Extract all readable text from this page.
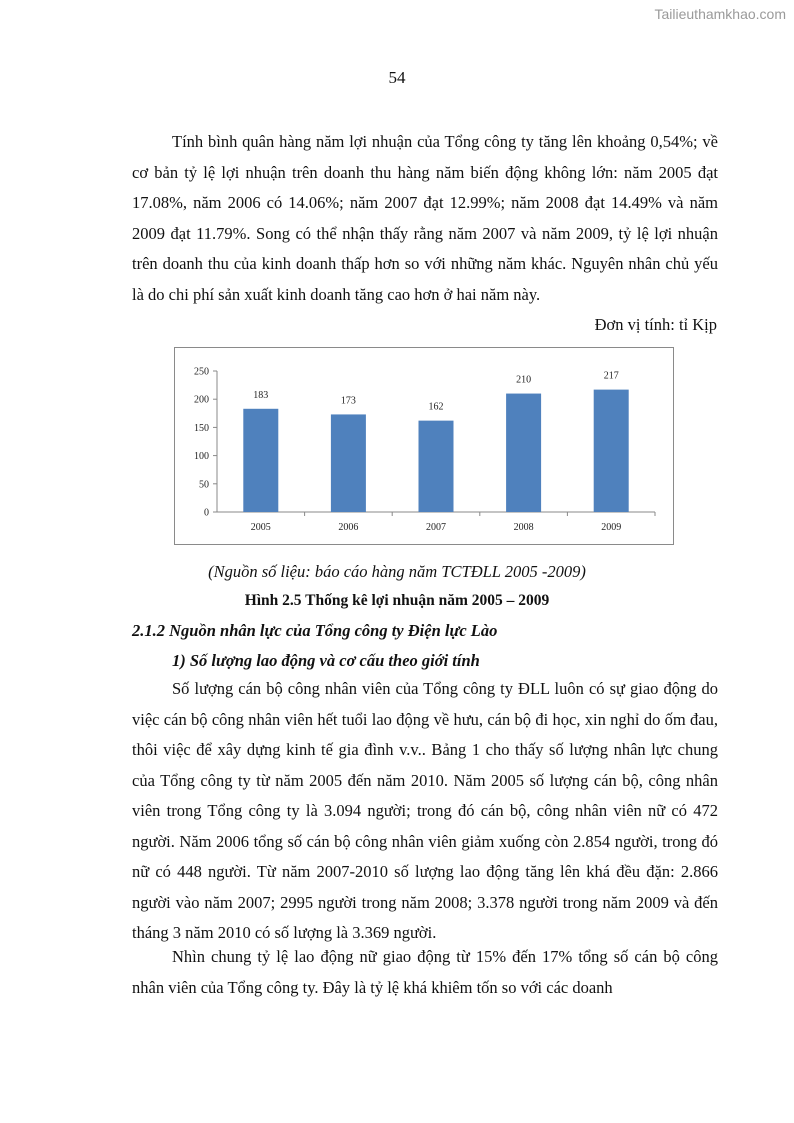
Tailieuthamkhao.com
54

Tính bình quân hàng năm lợi nhuận của Tổng công ty tăng lên khoảng 0,54%; về cơ bản tỷ lệ lợi nhuận trên doanh thu hàng năm biến động không lớn: năm 2005 đạt 17.08%, năm 2006 có 14.06%; năm 2007 đạt 12.99%; năm 2008 đạt 14.49% và năm 2009 đạt 11.79%. Song có thể nhận thấy rằng năm 2007 và năm 2009, tỷ lệ lợi nhuận trên doanh thu của kinh doanh thấp hơn so với những năm khác. Nguyên nhân chủ yếu là do chi phí sản xuất kinh doanh tăng cao hơn ở hai năm này.

Đơn vị tính: tỉ Kịp
0
50
100
150
200
250
183
2005
173
2006
162
2007
210
2008
217
2009
(Nguồn số liệu: báo cáo hàng năm TCTĐLL 2005 -2009)
Hình 2.5 Thống kê lợi nhuận năm 2005 – 2009
2.1.2 Nguồn nhân lực của Tổng công ty Điện lực Lào
1) Số lượng lao động và cơ cấu theo giới tính

Số lượng cán bộ công nhân viên của Tổng công ty ĐLL luôn có sự giao động do việc cán bộ công nhân viên hết tuổi lao động về hưu, cán bộ đi học, xin nghỉ do ốm đau, thôi việc để xây dựng kinh tế gia đình v.v.. Bảng 1 cho thấy số lượng nhân lực chung của Tổng công ty từ năm 2005 đến năm 2010. Năm 2005 số lượng cán bộ, công nhân viên trong Tổng công ty là 3.094 người; trong đó cán bộ, công nhân viên nữ có 472 người. Năm 2006 tổng số cán bộ công nhân viên giảm xuống còn 2.854 người, trong đó nữ có 448 người. Từ năm 2007-2010 số lượng lao động tăng lên khá đều đặn: 2.866 người vào năm 2007; 2995 người trong năm 2008; 3.378 người trong năm 2009 và đến tháng 3 năm 2010 có số lượng là 3.369 người.

Nhìn chung tỷ lệ lao động nữ giao động từ 15% đến 17% tổng số cán bộ công nhân viên của Tổng công ty. Đây là tỷ lệ khá khiêm tốn so với các doanh
